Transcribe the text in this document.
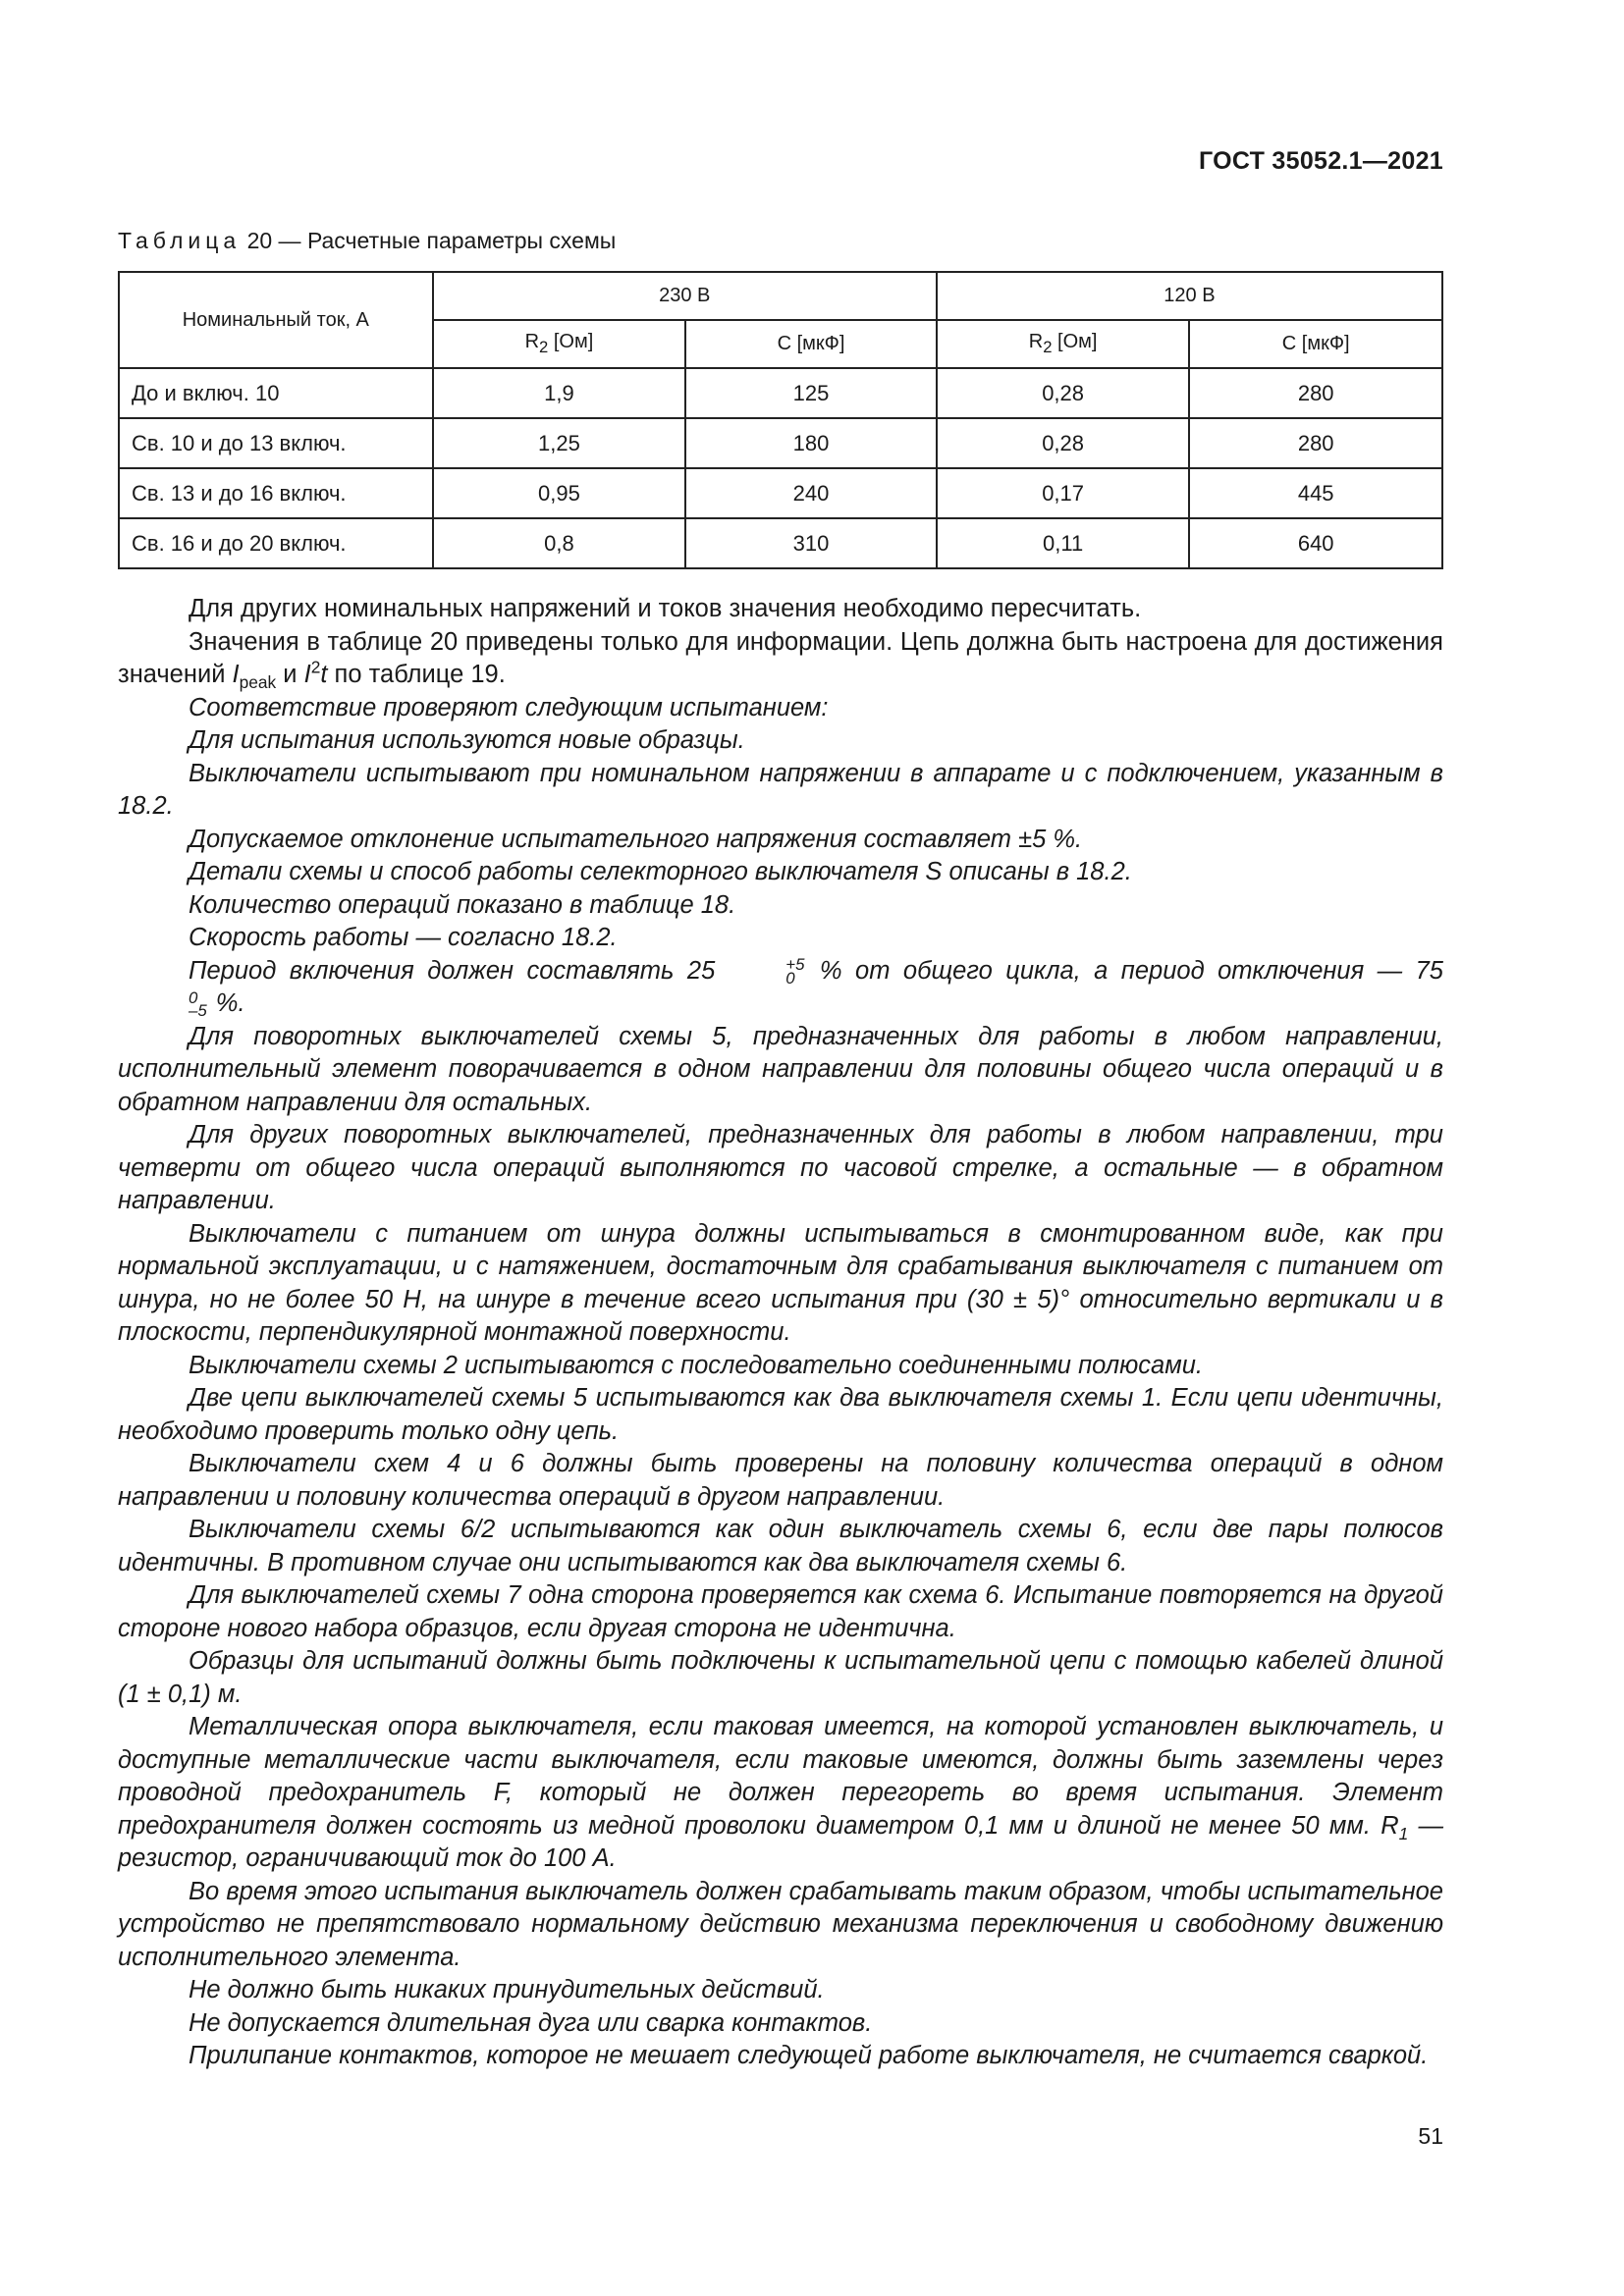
ГОСТ 35052.1—2021
Таблица 20 — Расчетные параметры схемы
Номинальный ток, А	230 В		120 В	
	$R_2$ [Ом]	С [мкФ]	$R_2$ [Ом]	С [мкФ]
До и включ. 10	1,9	125	0,28	280
Св. 10 и до 13 включ.	1,25	180	0,28	280
Св. 13 и до 16 включ.	0,95	240	0,17	445
Св. 16 и до 20 включ.	0,8	310	0,11	640

Для других номинальных напряжений и токов значения необходимо пересчитать.

Значения в таблице 20 приведены только для информации. Цепь должна быть настроена для достижения значений $I_{peak}$ и $I^2t$ по таблице 19.

Соответствие проверяют следующим испытанием:

Для испытания используются новые образцы.

Выключатели испытывают при номинальном напряжении в аппарате и с подключением, указанным в 18.2.

Допускаемое отклонение испытательного напряжения составляет ±5 %.

Детали схемы и способ работы селекторного выключателя S описаны в 18.2.

Количество операций показано в таблице 18.

Скорость работы — согласно 18.2.

Период включения должен составлять 25	+5
0 % от общего цикла, а период отключения — 75
0
–5 %.

Для поворотных выключателей схемы 5, предназначенных для работы в любом направлении, исполнительный элемент поворачивается в одном направлении для половины общего числа операций и в обратном направлении для остальных.

Для других поворотных выключателей, предназначенных для работы в любом направлении, три четверти от общего числа операций выполняются по часовой стрелке, а остальные — в обратном направлении.

Выключатели с питанием от шнура должны испытываться в смонтированном виде, как при нормальной эксплуатации, и с натяжением, достаточным для срабатывания выключателя с питанием от шнура, но не более 50 Н, на шнуре в течение всего испытания при (30 ± 5)° относительно вертикали и в плоскости, перпендикулярной монтажной поверхности.

Выключатели схемы 2 испытываются с последовательно соединенными полюсами.

Две цепи выключателей схемы 5 испытываются как два выключателя схемы 1. Если цепи идентичны, необходимо проверить только одну цепь.

Выключатели схем 4 и 6 должны быть проверены на половину количества операций в одном направлении и половину количества операций в другом направлении.

Выключатели схемы 6/2 испытываются как один выключатель схемы 6, если две пары полюсов идентичны. В противном случае они испытываются как два выключателя схемы 6.

Для выключателей схемы 7 одна сторона проверяется как схема 6. Испытание повторяется на другой стороне нового набора образцов, если другая сторона не идентична.

Образцы для испытаний должны быть подключены к испытательной цепи с помощью кабелей длиной (1 ± 0,1) м.

Металлическая опора выключателя, если таковая имеется, на которой установлен выключатель, и доступные металлические части выключателя, если таковые имеются, должны быть заземлены через проводной предохранитель F, который не должен перегореть во время испытания. Элемент предохранителя должен состоять из медной проволоки диаметром 0,1 мм и длиной не менее 50 мм. $R_1$ — резистор, ограничивающий ток до 100 А.

Во время этого испытания выключатель должен срабатывать таким образом, чтобы испытательное устройство не препятствовало нормальному действию механизма переключения и свободному движению исполнительного элемента.

Не должно быть никаких принудительных действий.

Не допускается длительная дуга или сварка контактов.

Прилипание контактов, которое не мешает следующей работе выключателя, не считается сваркой.

51
